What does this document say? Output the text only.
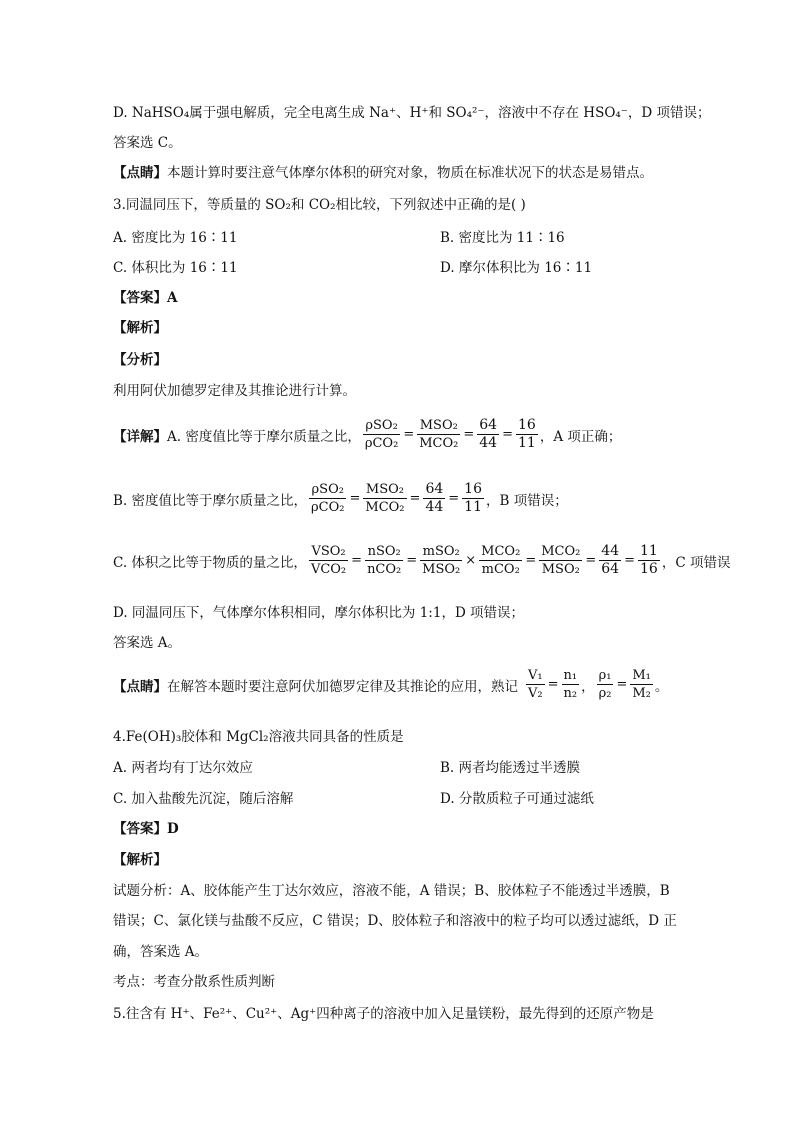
D. NaHSO₄属于强电解质，完全电离生成 Na⁺、H⁺和 SO₄²⁻，溶液中不存在 HSO₄⁻，D 项错误；
答案选 C。
【点睛】本题计算时要注意气体摩尔体积的研究对象，物质在标准状况下的状态是易错点。
3.同温同压下，等质量的 SO₂和 CO₂相比较，下列叙述中正确的是( )
A. 密度比为 16∶11	B. 密度比为 11∶16
C. 体积比为 16∶11	D. 摩尔体积比为 16∶11
【答案】A
【解析】
【分析】
利用阿伏加德罗定律及其推论进行计算。
【详解】 A. 密度值比等于摩尔质量之比， $\frac{\text{ρSO₂}}{\text{ρCO₂}} = \frac{\text{MSO₂}}{\text{MCO₂}} = \frac{64}{44} = \frac{16}{11}$ ，A 项正确；
B. 密度值比等于摩尔质量之比， $\frac{\text{ρSO₂}}{\text{ρCO₂}} = \frac{\text{MSO₂}}{\text{MCO₂}} = \frac{64}{44} = \frac{16}{11}$ ，B 项错误；
C. 体积之比等于物质的量之比， $\frac{\text{VSO₂}}{\text{VCO₂}} = \frac{\text{nSO₂}}{\text{nCO₂}} = \frac{\text{mSO₂}}{\text{MSO₂}} \times \frac{\text{MCO₂}}{\text{mCO₂}} = \frac{\text{MCO₂}}{\text{MSO₂}} = \frac{44}{64} = \frac{11}{16}$ ，C 项错误
D. 同温同压下，气体摩尔体积相同，摩尔体积比为 1:1，D 项错误；
答案选 A。
【点睛】 在解答本题时要注意阿伏加德罗定律及其推论的应用，熟记 $\frac{\text{V₁}}{\text{V₂}} = \frac{\text{n₁}}{\text{n₂}}$ ， $\frac{\text{ρ₁}}{\text{ρ₂}} = \frac{\text{M₁}}{\text{M₂}}$ 。
4.Fe(OH)₃胶体和 MgCl₂溶液共同具备的性质是
A. 两者均有丁达尔效应	B. 两者均能透过半透膜
C. 加入盐酸先沉淀，随后溶解	D. 分散质粒子可通过滤纸
【答案】D
【解析】
试题分析：A、胶体能产生丁达尔效应，溶液不能，A 错误；B、胶体粒子不能透过半透膜，B
错误；C、氯化镁与盐酸不反应，C 错误；D、胶体粒子和溶液中的粒子均可以透过滤纸，D 正
确，答案选 A。
考点：考查分散系性质判断
5.往含有 H⁺、Fe²⁺、Cu²⁺、Ag⁺四种离子的溶液中加入足量镁粉，最先得到的还原产物是
